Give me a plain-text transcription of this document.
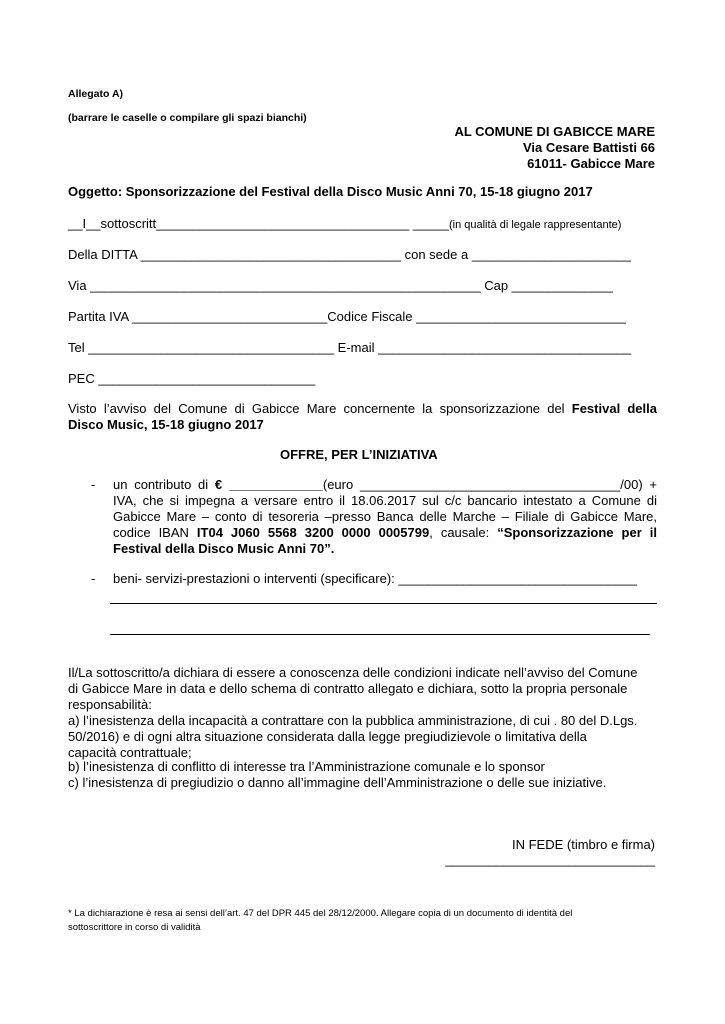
Allegato A)
(barrare le caselle o compilare gli spazi bianchi)
AL COMUNE DI GABICCE MARE
Via Cesare Battisti 66
61011- Gabicce Mare
Oggetto: Sponsorizzazione del Festival della Disco Music Anni 70, 15-18 giugno 2017
__I__sottoscritt___________________________________ _____(in qualità di legale rappresentante)
Della DITTA ____________________________________ con sede a ______________________
Via ______________________________________________________ Cap ______________
Partita IVA ___________________________Codice Fiscale _____________________________
Tel __________________________________ E-mail ___________________________________
PEC ______________________________
Visto l’avviso del Comune di Gabicce Mare concernente la sponsorizzazione del Festival della
Disco Music, 15-18 giugno 2017
OFFRE, PER L’INIZIATIVA
- un contributo di € _____________(euro ____________________________________/00) +
IVA, che si impegna a versare entro il 18.06.2017 sul c/c bancario intestato a Comune di
Gabicce Mare – conto di tesoreria –presso Banca delle Marche – Filiale di Gabicce Mare,
codice IBAN IT04 J060 5568 3200 0000 0005799, causale: “Sponsorizzazione per il
Festival della Disco Music Anni 70”.
- beni- servizi-prestazioni o interventi (specificare): _________________________________
Il/La sottoscritto/a dichiara di essere a conoscenza delle condizioni indicate nell’avviso del Comune
di Gabicce Mare in data e dello schema di contratto allegato e dichiara, sotto la propria personale
responsabilità:
a) l’inesistenza della incapacità a contrattare con la pubblica amministrazione, di cui . 80 del D.Lgs.
50/2016) e di ogni altra situazione considerata dalla legge pregiudizievole o limitativa della
capacità contrattuale;
b) l’inesistenza di conflitto di interesse tra l’Amministrazione comunale e lo sponsor
c) l’inesistenza di pregiudizio o danno all’immagine dell’Amministrazione o delle sue iniziative.
IN FEDE (timbro e firma)
_____________________________
* La dichiarazione è resa ai sensi dell’art. 47 del DPR 445 del 28/12/2000. Allegare copia di un documento di identità del
sottoscrittore in corso di validità
